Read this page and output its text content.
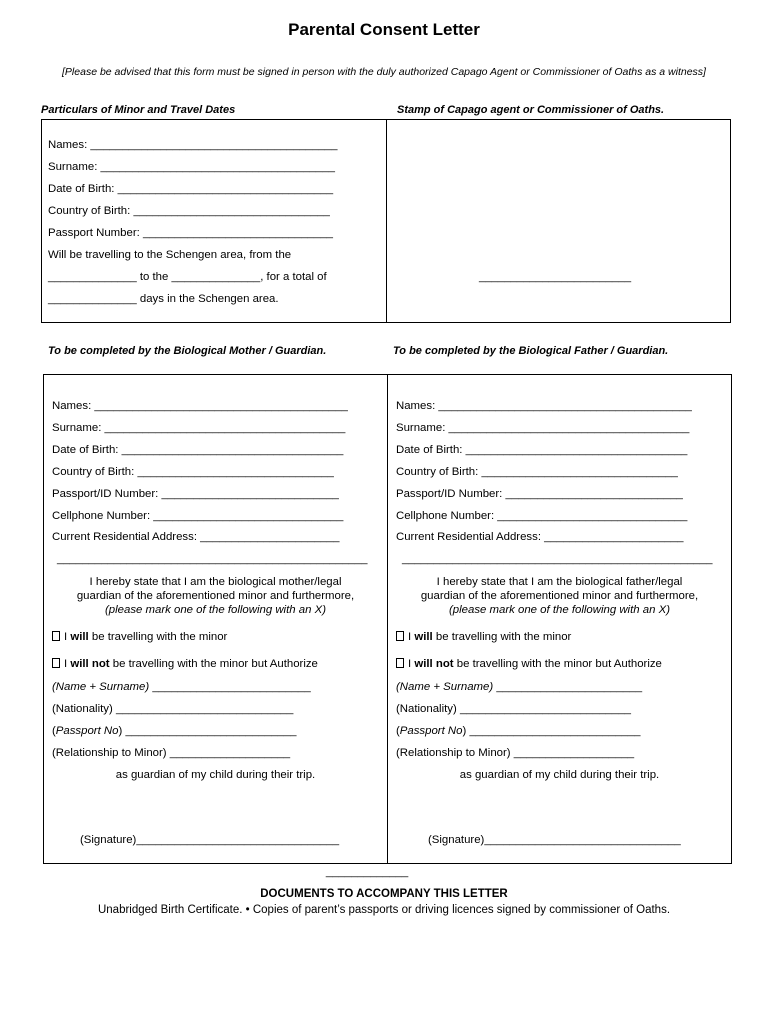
Parental Consent Letter
[Please be advised that this form must be signed in person with the duly authorized Capago Agent or Commissioner of Oaths as a witness]
Particulars of Minor and Travel Dates	Stamp of Capago agent or Commissioner of Oaths.
Names: _______________________________________
Surname: _____________________________________
Date of Birth: __________________________________
Country of Birth: _______________________________
Passport Number: ______________________________
Will be travelling to the Schengen area, from the
______________ to the ______________, for a total of
______________ days in the Schengen area.
________________________
To be completed by the Biological Mother / Guardian.	To be completed by the Biological Father / Guardian.
Names: ________________________________________
Surname: ______________________________________
Date of Birth: ___________________________________
Country of Birth: _______________________________
Passport/ID Number: ____________________________
Cellphone Number: ______________________________
Current Residential Address: ______________________
_________________________________________________
I hereby state that I am the biological mother/legal
guardian of the aforementioned minor and furthermore,
(please mark one of the following with an X)
I will be travelling with the minor
I will not be travelling with the minor but Authorize
(Name + Surname) _________________________
(Nationality) ____________________________
(Passport No) ___________________________
(Relationship to Minor) ___________________
as guardian of my child during their trip.
(Signature)________________________________
Names: ________________________________________
Surname: ______________________________________
Date of Birth: ___________________________________
Country of Birth: _______________________________
Passport/ID Number: ____________________________
Cellphone Number: ______________________________
Current Residential Address: ______________________
_________________________________________________
I hereby state that I am the biological father/legal
guardian of the aforementioned minor and furthermore,
(please mark one of the following with an X)
I will be travelling with the minor
I will not be travelling with the minor but Authorize
(Name + Surname) _______________________
(Nationality) ___________________________
(Passport No) ___________________________
(Relationship to Minor) ___________________
as guardian of my child during their trip.
(Signature)_______________________________
_____________
DOCUMENTS TO ACCOMPANY THIS LETTER
Unabridged Birth Certificate. • Copies of parent’s passports or driving licences signed by commissioner of Oaths.
